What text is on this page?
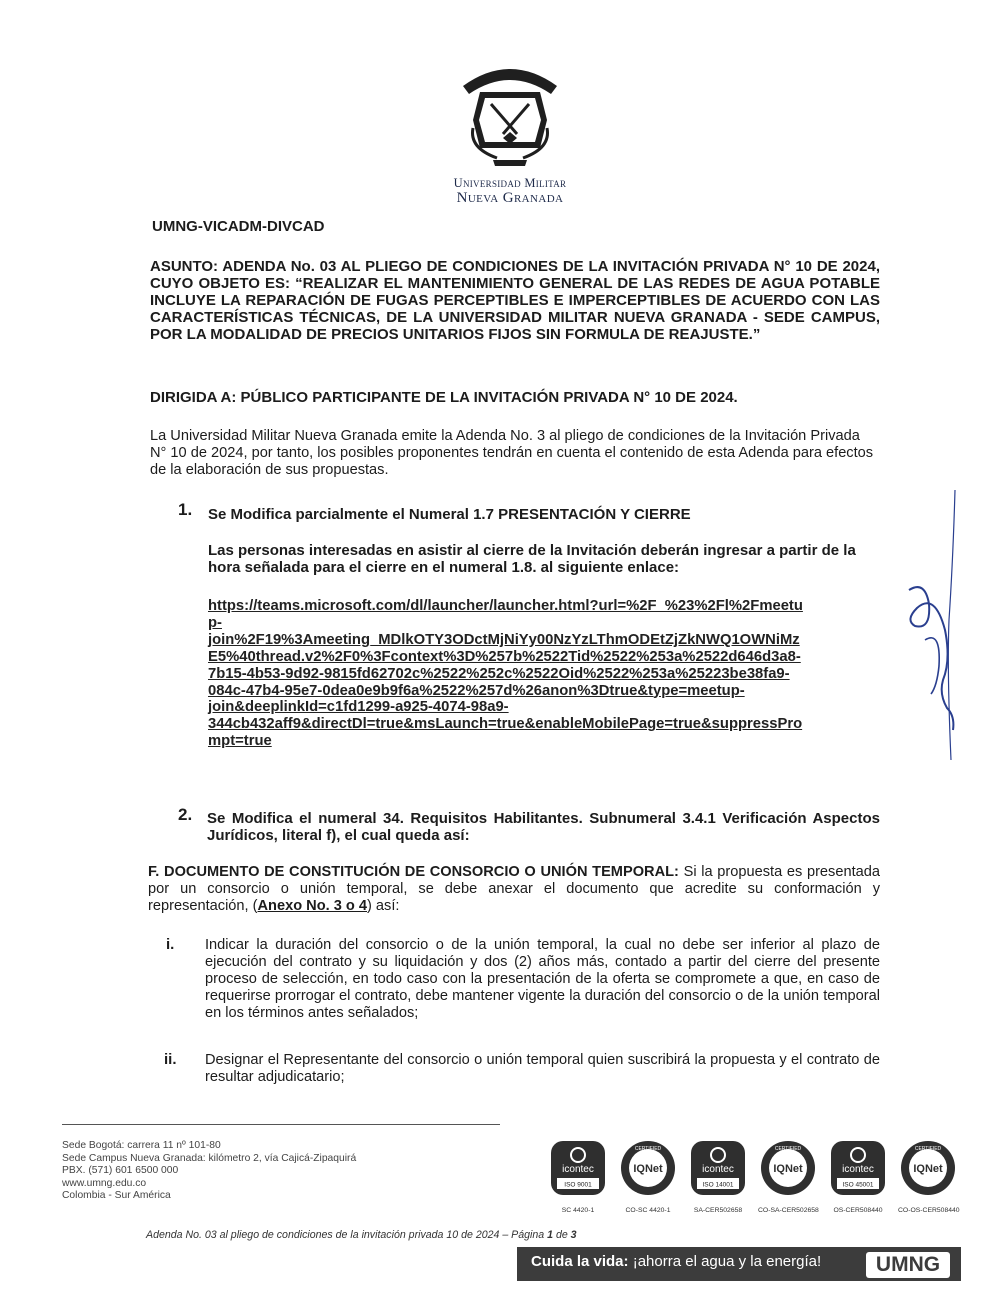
Universidad Militar
Nueva Granada
UMNG-VICADM-DIVCAD
ASUNTO: ADENDA No. 03 AL PLIEGO DE CONDICIONES DE LA INVITACIÓN PRIVADA N° 10 DE 2024, CUYO OBJETO ES: “REALIZAR EL MANTENIMIENTO GENERAL DE LAS REDES DE AGUA POTABLE INCLUYE LA REPARACIÓN DE FUGAS PERCEPTIBLES E IMPERCEPTIBLES DE ACUERDO CON LAS CARACTERÍSTICAS TÉCNICAS, DE LA UNIVERSIDAD MILITAR NUEVA GRANADA - SEDE CAMPUS, POR LA MODALIDAD DE PRECIOS UNITARIOS FIJOS SIN FORMULA DE REAJUSTE.”
DIRIGIDA A: PÚBLICO PARTICIPANTE DE LA INVITACIÓN PRIVADA N° 10 DE 2024.
La Universidad Militar Nueva Granada emite la Adenda No. 3 al pliego de condiciones de la Invitación Privada N° 10 de 2024, por tanto, los posibles proponentes tendrán en cuenta el contenido de esta Adenda para efectos de la elaboración de sus propuestas.
1. Se Modifica parcialmente el Numeral 1.7 PRESENTACIÓN Y CIERRE
Las personas interesadas en asistir al cierre de la Invitación deberán ingresar a partir de la hora señalada para el cierre en el numeral 1.8. al siguiente enlace:
https://teams.microsoft.com/dl/launcher/launcher.html?url=%2F_%23%2Fl%2Fmeetu
p-
join%2F19%3Ameeting_MDlkOTY3ODctMjNiYy00NzYzLThmODEtZjZkNWQ1OWNiMz
E5%40thread.v2%2F0%3Fcontext%3D%257b%2522Tid%2522%253a%2522d646d3a8-
7b15-4b53-9d92-9815fd62702c%2522%252c%2522Oid%2522%253a%25223be38fa9-
084c-47b4-95e7-0dea0e9b9f6a%2522%257d%26anon%3Dtrue&type=meetup-
join&deeplinkId=c1fd1299-a925-4074-98a9-
344cb432aff9&directDl=true&msLaunch=true&enableMobilePage=true&suppressPro
mpt=true
2. Se Modifica el numeral 34. Requisitos Habilitantes. Subnumeral 3.4.1 Verificación Aspectos Jurídicos, literal f), el cual queda así:
F. DOCUMENTO DE CONSTITUCIÓN DE CONSORCIO O UNIÓN TEMPORAL: Si la propuesta es presentada por un consorcio o unión temporal, se debe anexar el documento que acredite su conformación y representación, (Anexo No. 3 o 4) así:
i. Indicar la duración del consorcio o de la unión temporal, la cual no debe ser inferior al plazo de ejecución del contrato y su liquidación y dos (2) años más, contado a partir del cierre del presente proceso de selección, en todo caso con la presentación de la oferta se compromete a que, en caso de requerirse prorrogar el contrato, debe mantener vigente la duración del consorcio o de la unión temporal en los términos antes señalados;
ii. Designar el Representante del consorcio o unión temporal quien suscribirá la propuesta y el contrato de resultar adjudicatario;
Sede Bogotá: carrera 11 nº 101-80
Sede Campus Nueva Granada: kilómetro 2, vía Cajicá-Zipaquirá
PBX. (571) 601 6500 000
www.umng.edu.co
Colombia - Sur América
icontec
ISO 9001
SC 4420-1
IQNet
CERTIFIED
CO-SC 4420-1
icontec
ISO 14001
SA-CER502658
IQNet
CERTIFIED
CO-SA-CER502658
icontec
ISO 45001
OS-CER508440
IQNet
CERTIFIED
CO-OS-CER508440
Adenda No. 03 al pliego de condiciones de la invitación privada 10 de 2024 – Página 1 de 3
Cuida la vida: ¡ahorra el agua y la energía!	UMNG
